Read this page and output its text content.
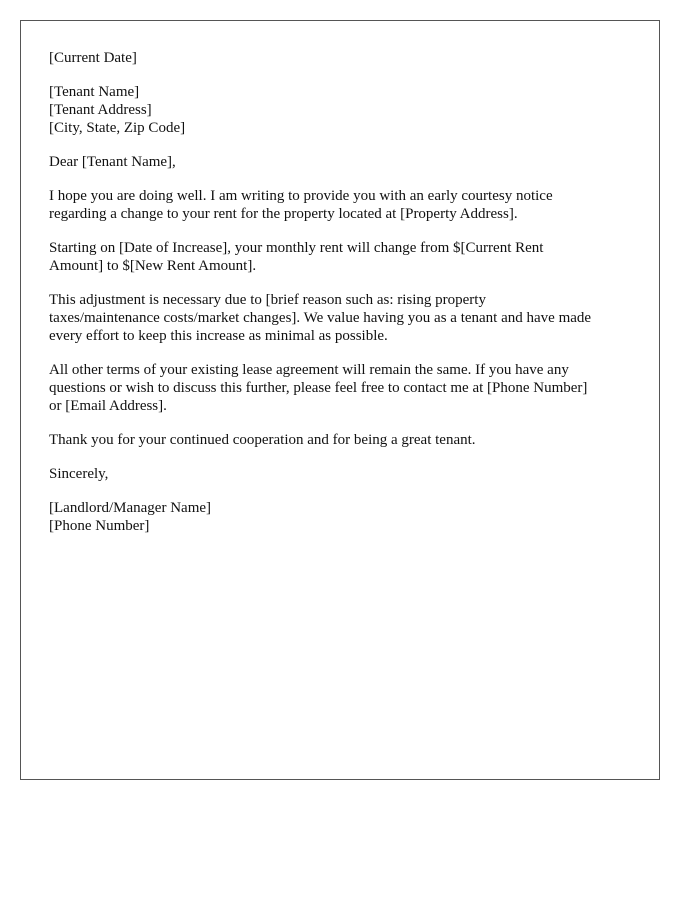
[Current Date]
[Tenant Name]
[Tenant Address]
[City, State, Zip Code]
Dear [Tenant Name],

I hope you are doing well. I am writing to provide you with an early courtesy notice
regarding a change to your rent for the property located at [Property Address].

Starting on [Date of Increase], your monthly rent will change from $[Current Rent
Amount] to $[New Rent Amount].

This adjustment is necessary due to [brief reason such as: rising property
taxes/maintenance costs/market changes]. We value having you as a tenant and have made
every effort to keep this increase as minimal as possible.

All other terms of your existing lease agreement will remain the same. If you have any
questions or wish to discuss this further, please feel free to contact me at [Phone Number]
or [Email Address].

Thank you for your continued cooperation and for being a great tenant.

Sincerely,
[Landlord/Manager Name]
[Phone Number]
